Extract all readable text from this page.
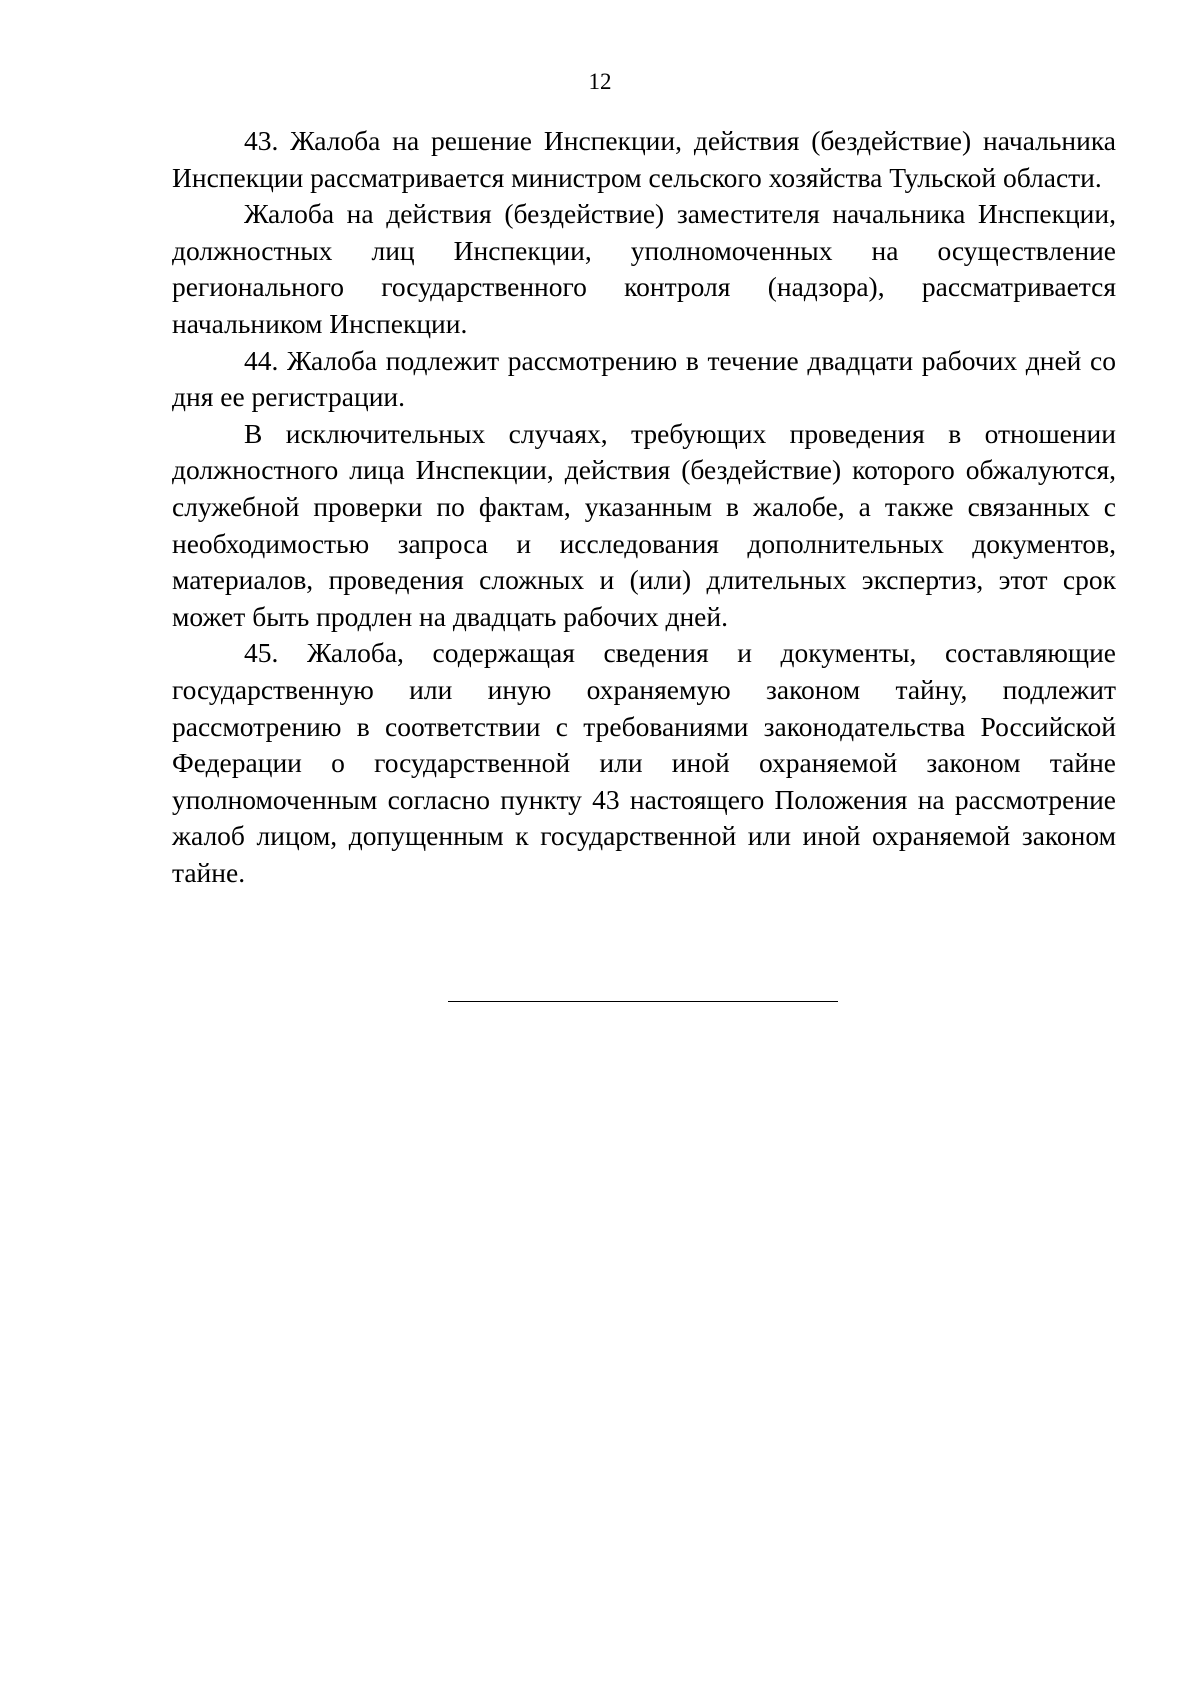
12

43. Жалоба на решение Инспекции, действия (бездействие) начальника Инспекции рассматривается министром сельского хозяйства Тульской области.

Жалоба на действия (бездействие) заместителя начальника Инспекции, должностных лиц Инспекции, уполномоченных на осуществление регионального государственного контроля (надзора), рассматривается начальником Инспекции.

44. Жалоба подлежит рассмотрению в течение двадцати рабочих дней со дня ее регистрации.

В исключительных случаях, требующих проведения в отношении должностного лица Инспекции, действия (бездействие) которого обжалуются, служебной проверки по фактам, указанным в жалобе, а также связанных с необходимостью запроса и исследования дополнительных документов, материалов, проведения сложных и (или) длительных экспертиз, этот срок может быть продлен на двадцать рабочих дней.

45. Жалоба, содержащая сведения и документы, составляющие государственную или иную охраняемую законом тайну, подлежит рассмотрению в соответствии с требованиями законодательства Российской Федерации о государственной или иной охраняемой законом тайне уполномоченным согласно пункту 43 настоящего Положения на рассмотрение жалоб лицом, допущенным к государственной или иной охраняемой законом тайне.
